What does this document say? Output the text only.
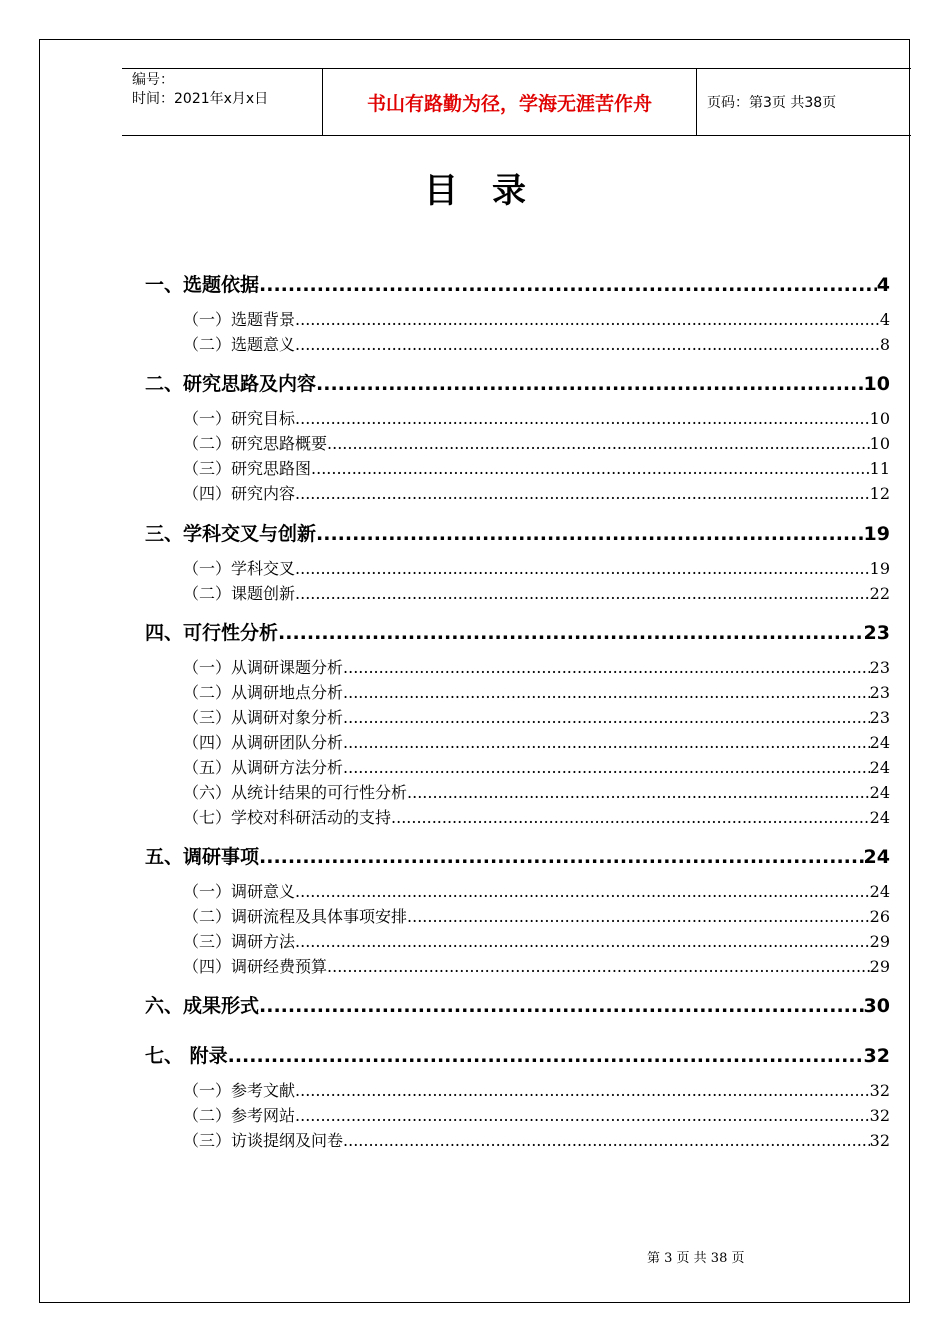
编号：
时间：2021年x月x日	书山有路勤为径，学海无涯苦作舟	页码：第3页 共38页
目录
一、选题依据 .....	4
（一）选题背景 .....	4
（二）选题意义 .....	8
二、研究思路及内容 .....	10
（一）研究目标 .....	10
（二）研究思路概要 .....	10
（三）研究思路图 .....	11
（四）研究内容 .....	12
三、学科交叉与创新 .....	19
（一）学科交叉 .....	19
（二）课题创新 .....	22
四、可行性分析 .....	23
（一）从调研课题分析 .....	23
（二）从调研地点分析 .....	23
（三）从调研对象分析 .....	23
（四）从调研团队分析 .....	24
（五）从调研方法分析 .....	24
（六）从统计结果的可行性分析 .....	24
（七）学校对科研活动的支持 .....	24
五、调研事项 .....	24
（一）调研意义 .....	24
（二）调研流程及具体事项安排 .....	26
（三）调研方法 .....	29
（四）调研经费预算 .....	29
六、成果形式 .....	30
七、 附录 .....	32
（一）参考文献 .....	32
（二）参考网站 .....	32
（三）访谈提纲及问卷 .....	32
第 3 页 共 38 页
